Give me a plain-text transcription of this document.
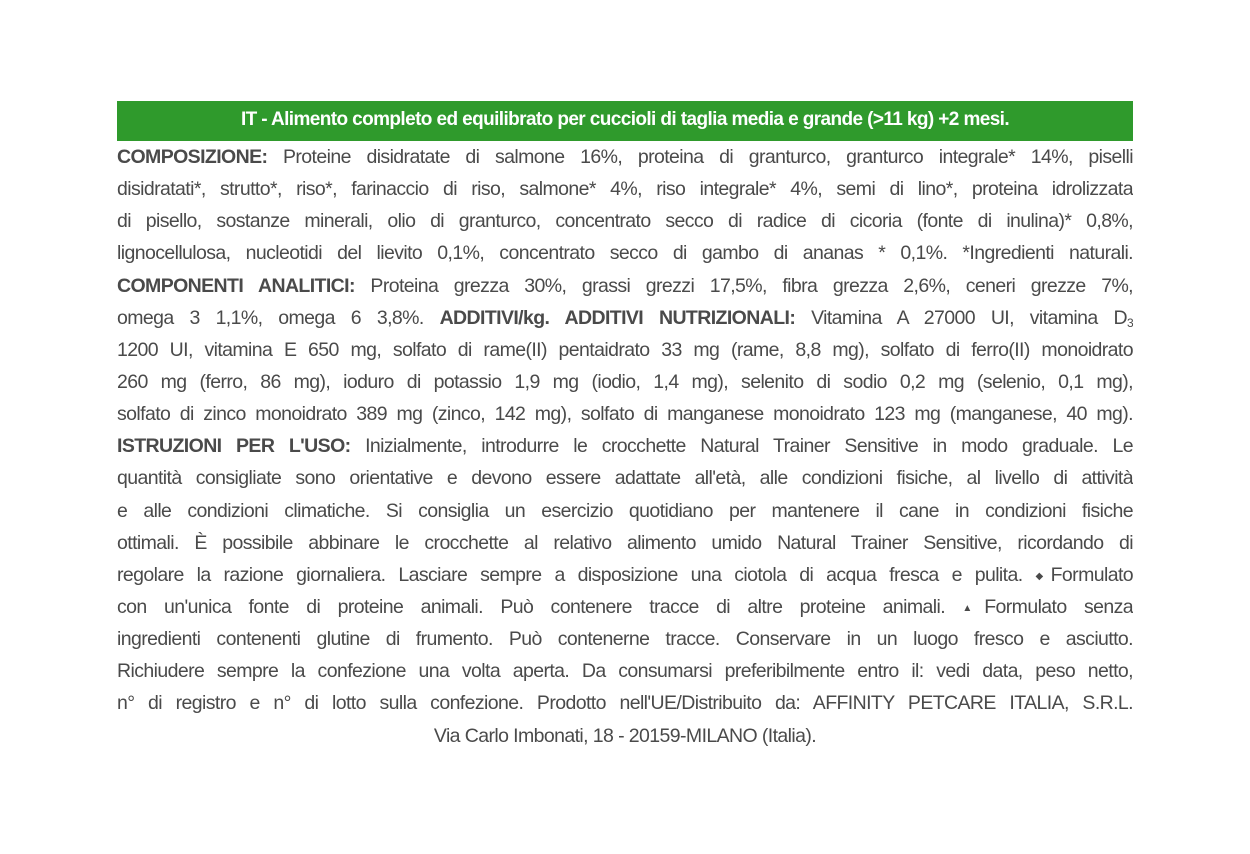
IT - Alimento completo ed equilibrato per cuccioli di taglia media e grande (>11 kg) +2 mesi.
COMPOSIZIONE: Proteine disidratate di salmone 16%, proteina di granturco, granturco integrale* 14%, piselli
disidratati*, strutto*, riso*, farinaccio di riso, salmone* 4%, riso integrale* 4%, semi di lino*, proteina idrolizzata
di pisello, sostanze minerali, olio di granturco, concentrato secco di radice di cicoria (fonte di inulina)* 0,8%,
lignocellulosa, nucleotidi del lievito 0,1%, concentrato secco di gambo di ananas * 0,1%. *Ingredienti naturali.
COMPONENTI ANALITICI: Proteina grezza 30%, grassi grezzi 17,5%, fibra grezza 2,6%, ceneri grezze 7%,
omega 3 1,1%, omega 6 3,8%. ADDITIVI/kg. ADDITIVI NUTRIZIONALI: Vitamina A 27000 UI, vitamina $D_3$
1200 UI, vitamina E 650 mg, solfato di rame(II) pentaidrato 33 mg (rame, 8,8 mg), solfato di ferro(II) monoidrato
260 mg (ferro, 86 mg), ioduro di potassio 1,9 mg (iodio, 1,4 mg), selenito di sodio 0,2 mg (selenio, 0,1 mg),
solfato di zinco monoidrato 389 mg (zinco, 142 mg), solfato di manganese monoidrato 123 mg (manganese, 40 mg).
ISTRUZIONI PER L'USO: Inizialmente, introdurre le crocchette Natural Trainer Sensitive in modo graduale. Le
quantità consigliate sono orientative e devono essere adattate all'età, alle condizioni fisiche, al livello di attività
e alle condizioni climatiche. Si consiglia un esercizio quotidiano per mantenere il cane in condizioni fisiche
ottimali. È possibile abbinare le crocchette al relativo alimento umido Natural Trainer Sensitive, ricordando di
regolare la razione giornaliera. Lasciare sempre a disposizione una ciotola di acqua fresca e pulita. ◆Formulato
con un'unica fonte di proteine animali. Può contenere tracce di altre proteine animali. ▲Formulato senza
ingredienti contenenti glutine di frumento. Può contenerne tracce. Conservare in un luogo fresco e asciutto.
Richiudere sempre la confezione una volta aperta. Da consumarsi preferibilmente entro il: vedi data, peso netto,
n° di registro e n° di lotto sulla confezione. Prodotto nell'UE/Distribuito da: AFFINITY PETCARE ITALIA, S.R.L.
Via Carlo Imbonati, 18 - 20159-MILANO (Italia).
